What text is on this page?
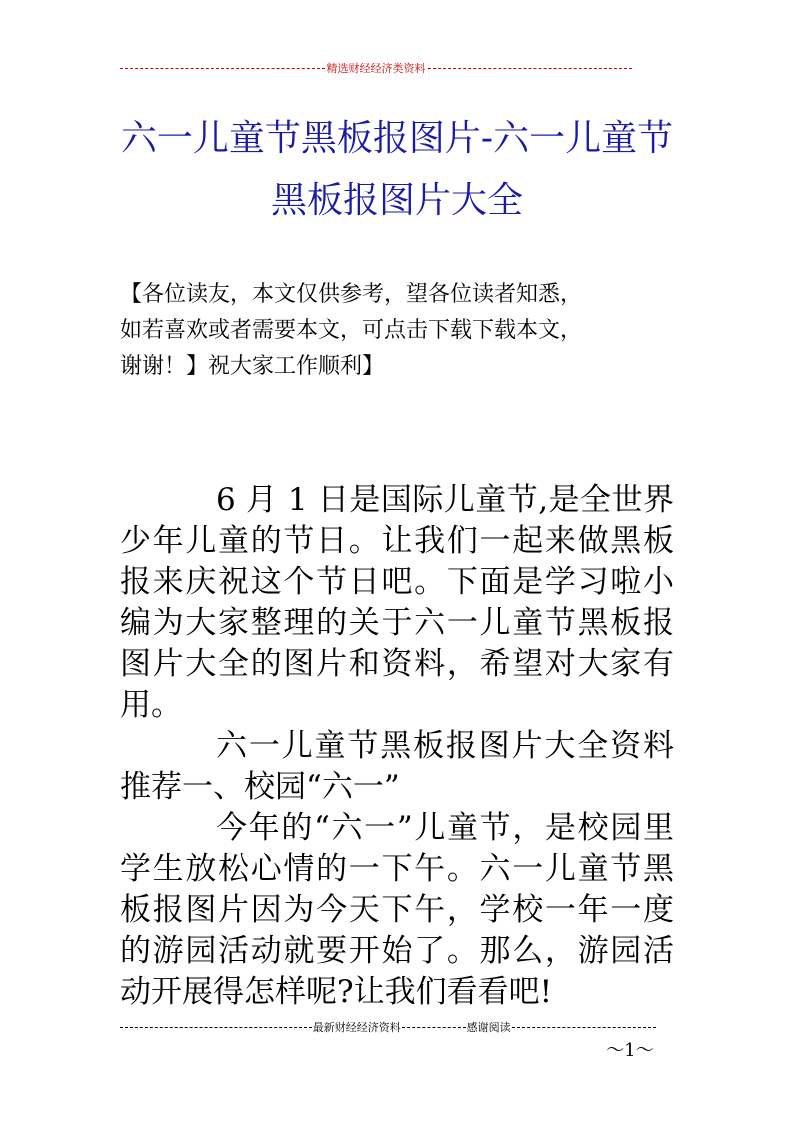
精选财经经济类资料
六一儿童节黑板报图片-六一儿童节黑板报图片大全

【各位读友，本文仅供参考，望各位读者知悉，如若喜欢或者需要本文，可点击下载下载本文，谢谢！】祝大家工作顺利】

6 月 1 日是国际儿童节,是全世界少年儿童的节日。让我们一起来做黑板报来庆祝这个节日吧。下面是学习啦小编为大家整理的关于六一儿童节黑板报图片大全的图片和资料，希望对大家有用。

六一儿童节黑板报图片大全资料推荐一、校园“六一”

今年的“六一”儿童节，是校园里学生放松心情的一下午。六一儿童节黑板报图片因为今天下午，学校一年一度的游园活动就要开始了。那么，游园活动开展得怎样呢?让我们看看吧!

最新财经经济资料	感谢阅读
～1～
